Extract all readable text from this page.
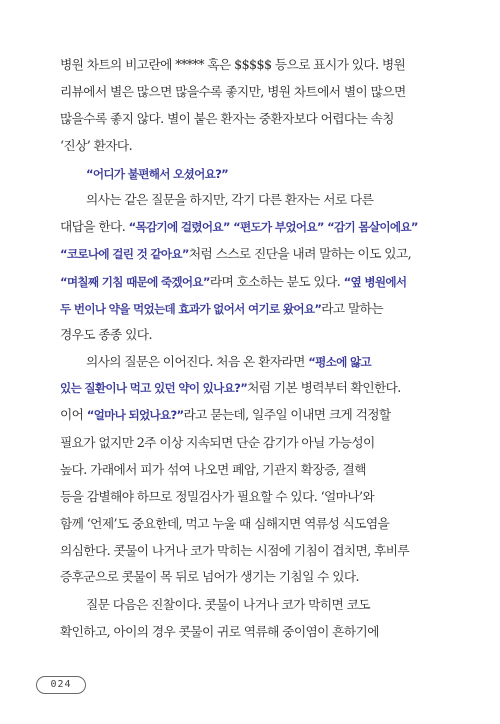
병원 차트의 비고란에 ***** 혹은 $$$$$ 등으로 표시가 있다. 병원
리뷰에서 별은 많으면 많을수록 좋지만, 병원 차트에서 별이 많으면
많을수록 좋지 않다. 별이 붙은 환자는 중환자보다 어렵다는 속칭
‘진상’ 환자다.
“어디가 불편해서 오셨어요?”
의사는 같은 질문을 하지만, 각기 다른 환자는 서로 다른
대답을 한다. “목감기에 걸렸어요” “편도가 부었어요” “감기 몸살이에요”
“코로나에 걸린 것 같아요”처럼 스스로 진단을 내려 말하는 이도 있고,
“며칠째 기침 때문에 죽겠어요”라며 호소하는 분도 있다. “옆 병원에서
두 번이나 약을 먹었는데 효과가 없어서 여기로 왔어요”라고 말하는
경우도 종종 있다.
의사의 질문은 이어진다. 처음 온 환자라면 “평소에 앓고
있는 질환이나 먹고 있던 약이 있나요?”처럼 기본 병력부터 확인한다.
이어 “얼마나 되었나요?”라고 묻는데, 일주일 이내면 크게 걱정할
필요가 없지만 2주 이상 지속되면 단순 감기가 아닐 가능성이
높다. 가래에서 피가 섞여 나오면 폐암, 기관지 확장증, 결핵
등을 감별해야 하므로 정밀검사가 필요할 수 있다. ‘얼마나’와
함께 ‘언제’도 중요한데, 먹고 누울 때 심해지면 역류성 식도염을
의심한다. 콧물이 나거나 코가 막히는 시점에 기침이 겹치면, 후비루
증후군으로 콧물이 목 뒤로 넘어가 생기는 기침일 수 있다.
질문 다음은 진찰이다. 콧물이 나거나 코가 막히면 코도
확인하고, 아이의 경우 콧물이 귀로 역류해 중이염이 흔하기에
024
